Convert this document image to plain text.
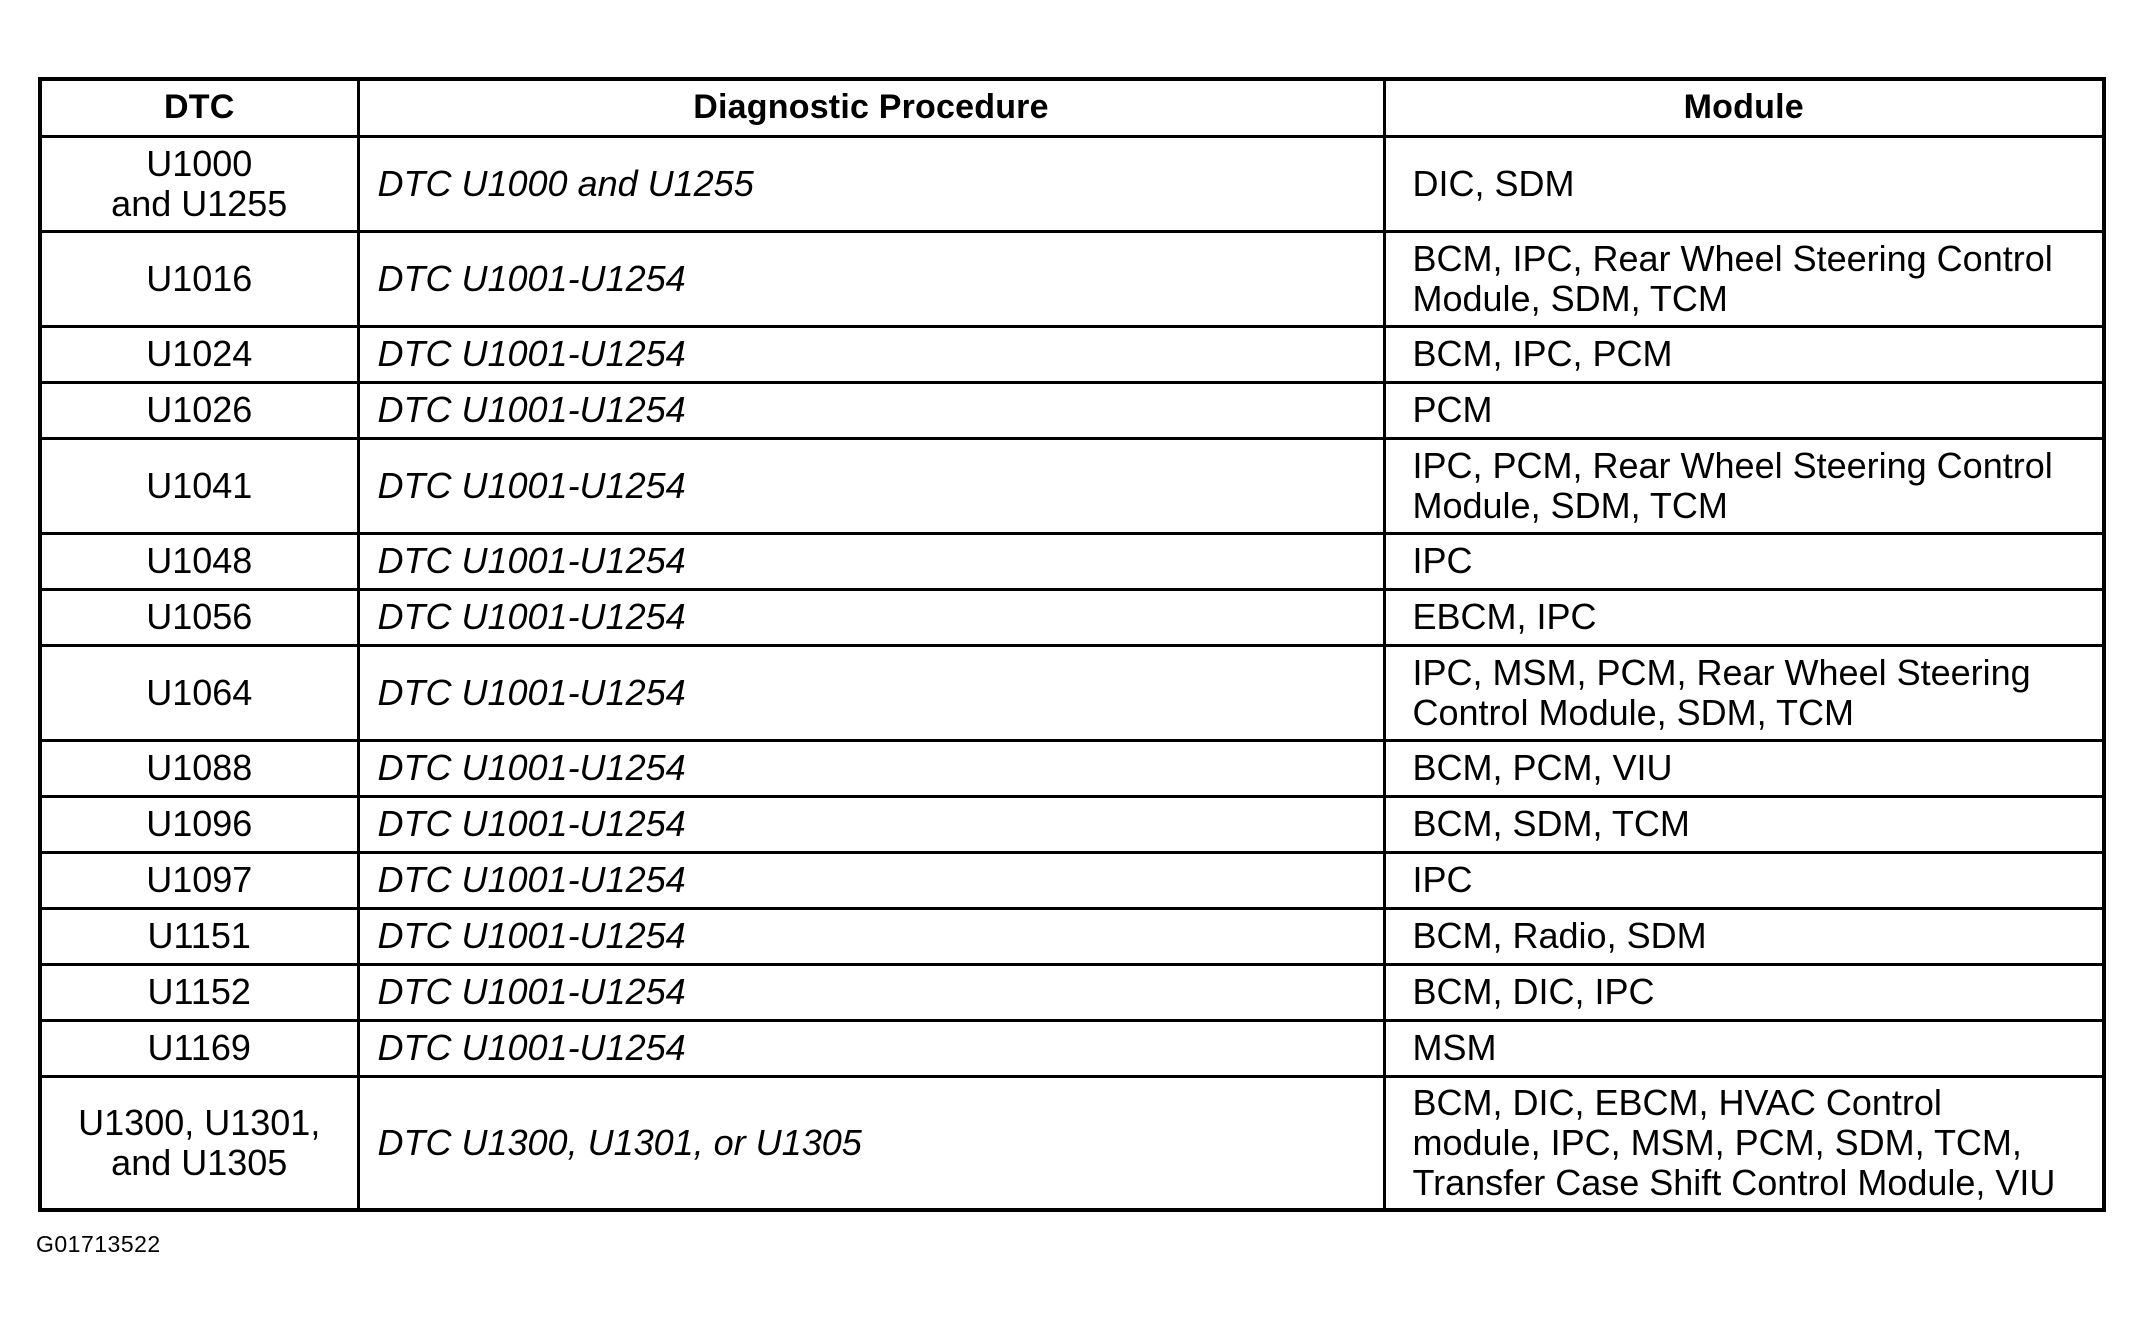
DTC	Diagnostic Procedure	Module
U1000
and U1255	DTC U1000 and U1255	DIC, SDM
U1016	DTC U1001-U1254	BCM, IPC, Rear Wheel Steering Control
Module, SDM, TCM
U1024	DTC U1001-U1254	BCM, IPC, PCM
U1026	DTC U1001-U1254	PCM
U1041	DTC U1001-U1254	IPC, PCM, Rear Wheel Steering Control
Module, SDM, TCM
U1048	DTC U1001-U1254	IPC
U1056	DTC U1001-U1254	EBCM, IPC
U1064	DTC U1001-U1254	IPC, MSM, PCM, Rear Wheel Steering
Control Module, SDM, TCM
U1088	DTC U1001-U1254	BCM, PCM, VIU
U1096	DTC U1001-U1254	BCM, SDM, TCM
U1097	DTC U1001-U1254	IPC
U1151	DTC U1001-U1254	BCM, Radio, SDM
U1152	DTC U1001-U1254	BCM, DIC, IPC
U1169	DTC U1001-U1254	MSM
U1300, U1301,
and U1305	DTC U1300, U1301, or U1305	BCM, DIC, EBCM, HVAC Control
module, IPC, MSM, PCM, SDM, TCM,
Transfer Case Shift Control Module, VIU
G01713522
